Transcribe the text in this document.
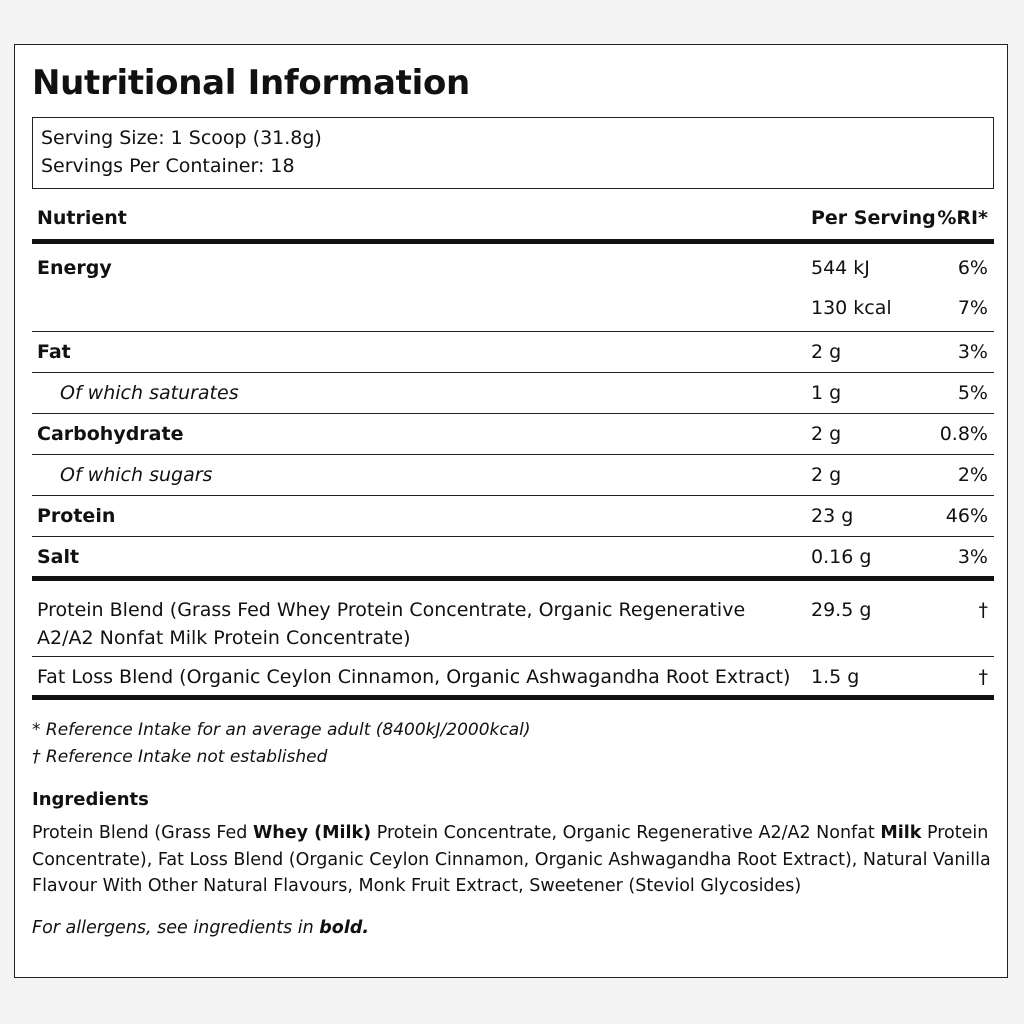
Nutritional Information
Serving Size: 1 Scoop (31.8g)
Servings Per Container: 18
Nutrient	Per Serving %RI*
Energy	544 kJ	6%
130 kcal	7%
Fat	2 g	3%
Of which saturates	1 g	5%
Carbohydrate	2 g	0.8%
Of which sugars	2 g	2%
Protein	23 g	46%
Salt	0.16 g	3%
Protein Blend (Grass Fed Whey Protein Concentrate, Organic Regenerative
A2/A2 Nonfat Milk Protein Concentrate)
29.5 g	†
Fat Loss Blend (Organic Ceylon Cinnamon, Organic Ashwagandha Root Extract) 1.5 g	†
* Reference Intake for an average adult (8400kJ/2000kcal)
† Reference Intake not established
Ingredients
Protein Blend (Grass Fed Whey (Milk) Protein Concentrate, Organic Regenerative A2/A2 Nonfat Milk Protein Concentrate), Fat Loss Blend (Organic Ceylon Cinnamon, Organic Ashwagandha Root Extract), Natural Vanilla Flavour With Other Natural Flavours, Monk Fruit Extract, Sweetener (Steviol Glycosides)
For allergens, see ingredients in bold.
